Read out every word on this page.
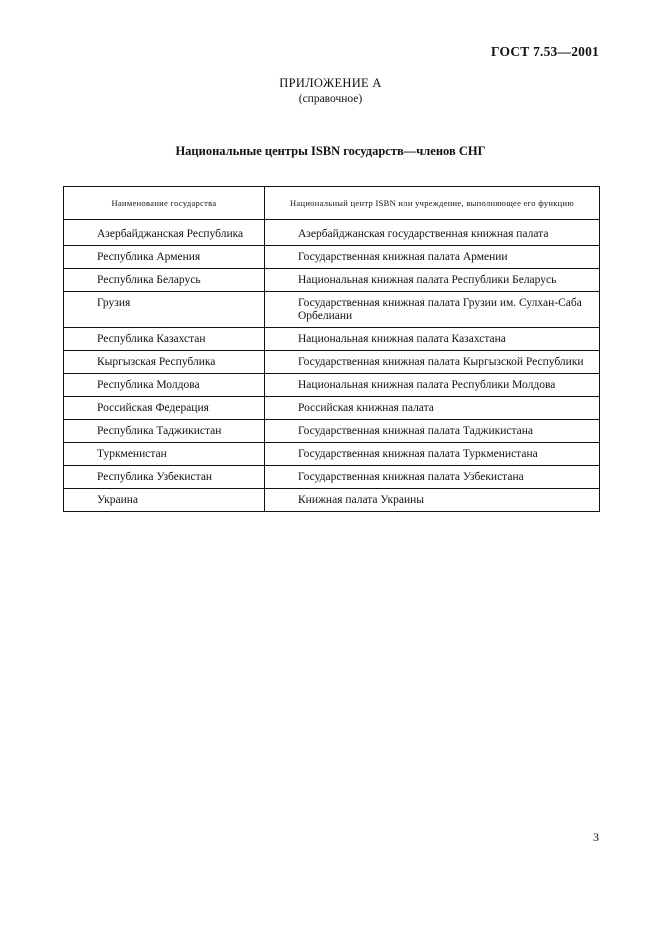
ГОСТ 7.53—2001
ПРИЛОЖЕНИЕ А
(справочное)
Национальные центры ISBN государств—членов СНГ
Наименование государства	Национальный центр ISBN или учреждение, выполняющее его функцию
Азербайджанская Республика	Азербайджанская государственная книжная палата
Республика Армения	Государственная книжная палата Армении
Республика Беларусь	Национальная книжная палата Республики Беларусь
Грузия	Государственная книжная палата Грузии им. Сулхан-Саба Орбелиани
Республика Казахстан	Национальная книжная палата Казахстана
Кыргызская Республика	Государственная книжная палата Кыргызской Республики
Республика Молдова	Национальная книжная палата Республики Молдова
Российская Федерация	Российская книжная палата
Республика Таджикистан	Государственная книжная палата Таджикистана
Туркменистан	Государственная книжная палата Туркменистана
Республика Узбекистан	Государственная книжная палата Узбекистана
Украина	Книжная палата Украины
3
